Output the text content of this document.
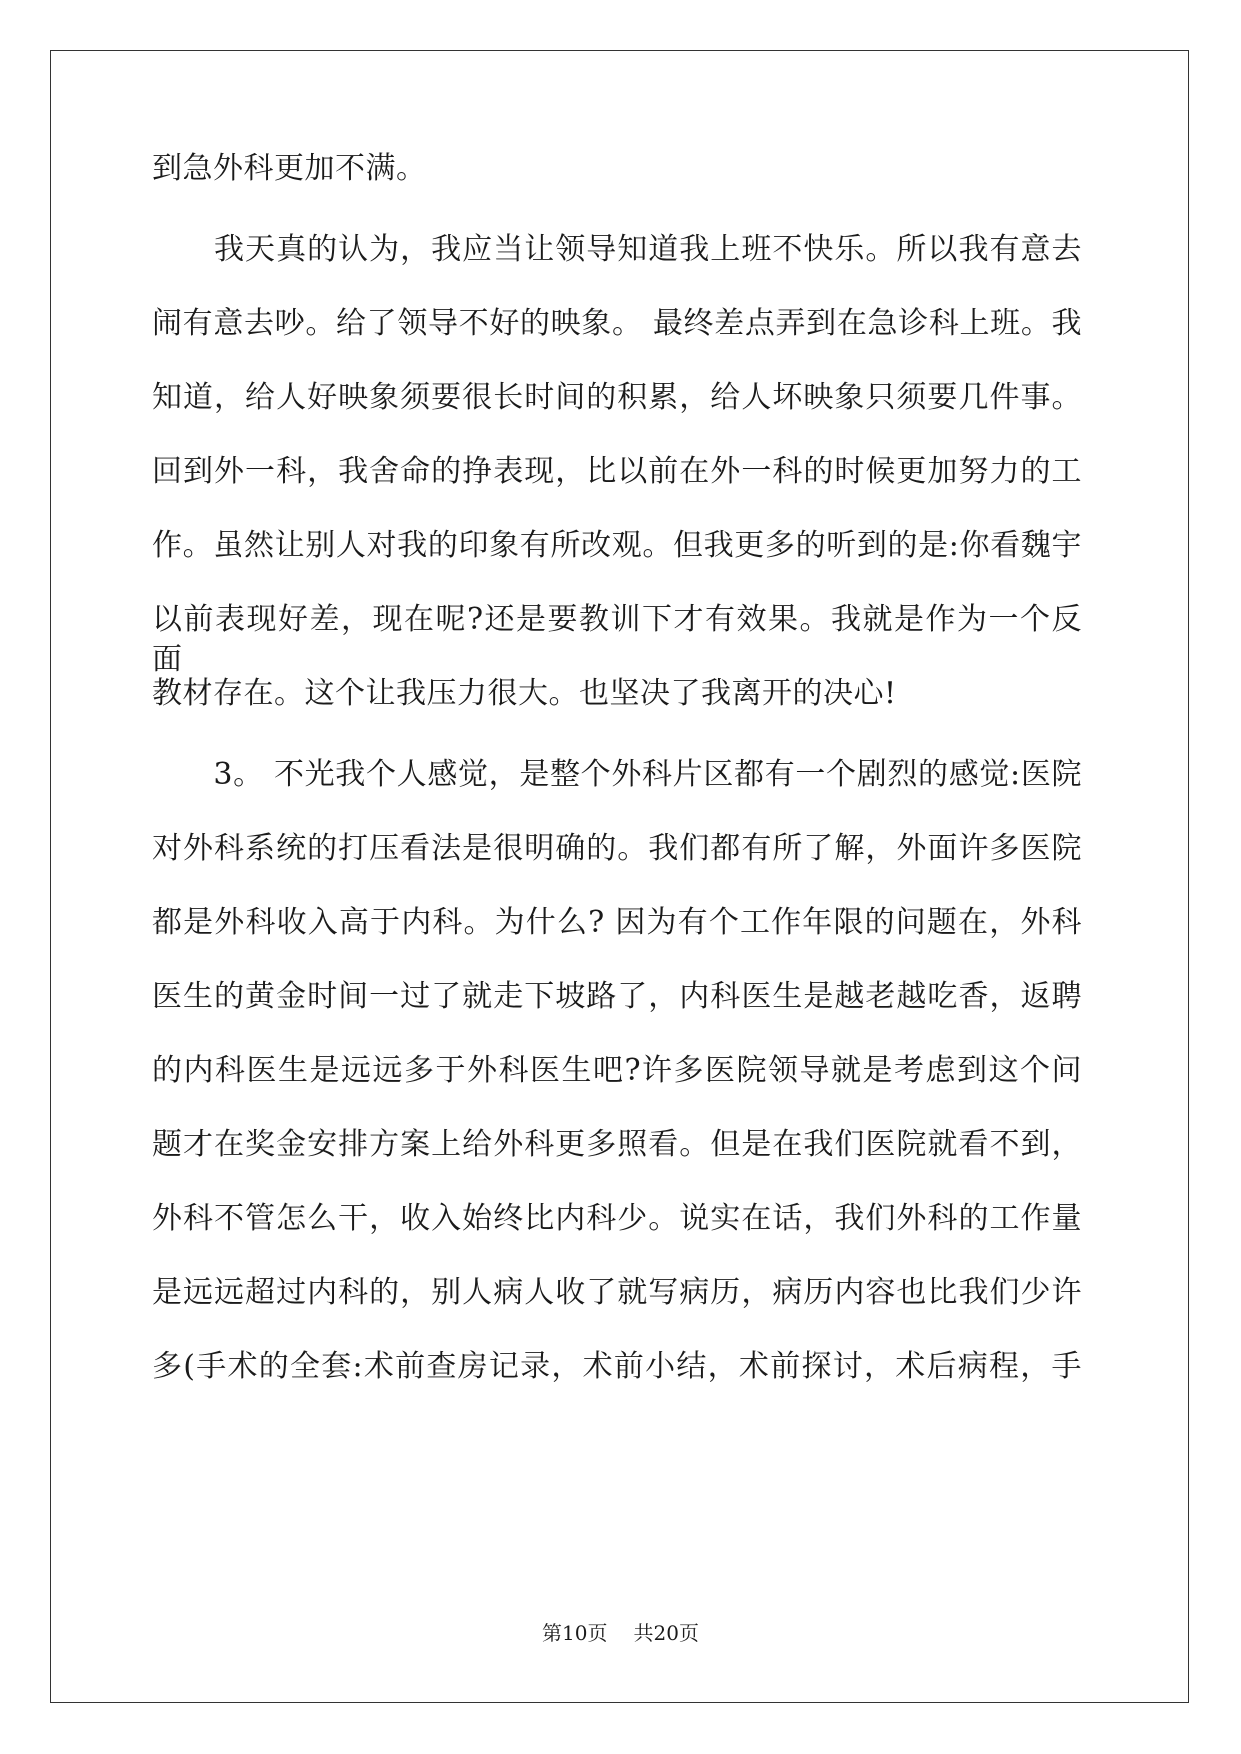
到急外科更加不满。
　　我天真的认为，我应当让领导知道我上班不快乐。所以我有意去
闹有意去吵。给了领导不好的映象。 最终差点弄到在急诊科上班。我
知道，给人好映象须要很长时间的积累，给人坏映象只须要几件事。
回到外一科，我舍命的挣表现，比以前在外一科的时候更加努力的工
作。虽然让别人对我的印象有所改观。但我更多的听到的是:你看魏宇
以前表现好差，现在呢?还是要教训下才有效果。我就是作为一个反面
教材存在。这个让我压力很大。也坚决了我离开的决心!
　　3。 不光我个人感觉，是整个外科片区都有一个剧烈的感觉:医院
对外科系统的打压看法是很明确的。我们都有所了解，外面许多医院
都是外科收入高于内科。为什么? 因为有个工作年限的问题在，外科
医生的黄金时间一过了就走下坡路了，内科医生是越老越吃香，返聘
的内科医生是远远多于外科医生吧?许多医院领导就是考虑到这个问
题才在奖金安排方案上给外科更多照看。但是在我们医院就看不到，
外科不管怎么干，收入始终比内科少。说实在话，我们外科的工作量
是远远超过内科的，别人病人收了就写病历，病历内容也比我们少许
多(手术的全套:术前查房记录，术前小结，术前探讨，术后病程，手
第10页 共20页
